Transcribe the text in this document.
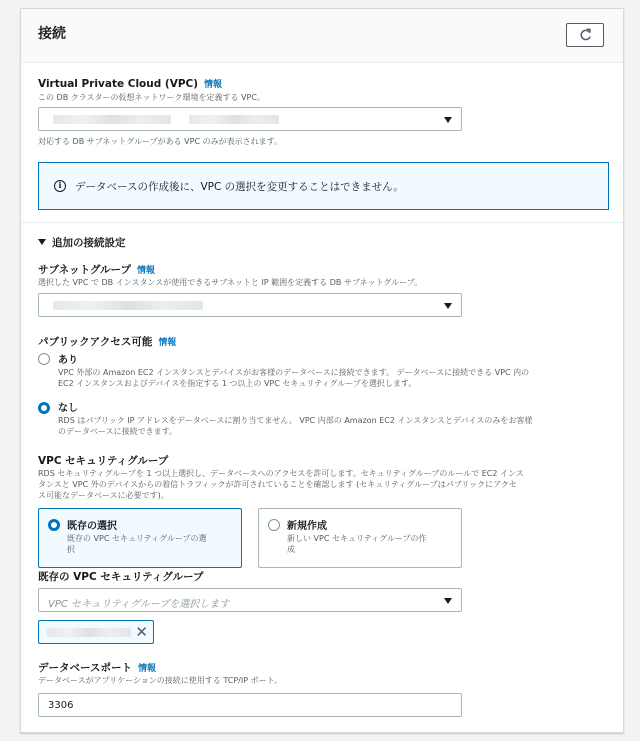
接続
Virtual Private Cloud (VPC) 情報
この DB クラスターの仮想ネットワーク環境を定義する VPC。
対応する DB サブネットグループがある VPC のみが表示されます。
i	データベースの作成後に、VPC の選択を変更することはできません。
追加の接続設定
サブネットグループ 情報
選択した VPC で DB インスタンスが使用できるサブネットと IP 範囲を定義する DB サブネットグループ。
パブリックアクセス可能 情報
あり
VPC 外部の Amazon EC2 インスタンスとデバイスがお客様のデータベースに接続できます。 データベースに接続できる VPC 内の
EC2 インスタンスおよびデバイスを指定する 1 つ以上の VPC セキュリティグループを選択します。
なし
RDS はパブリック IP アドレスをデータベースに割り当てません。 VPC 内部の Amazon EC2 インスタンスとデバイスのみをお客様
のデータベースに接続できます。
VPC セキュリティグループ
RDS セキュリティグループを 1 つ以上選択し、データベースへのアクセスを許可します。セキュリティグループのルールで EC2 インス
タンスと VPC 外のデバイスからの着信トラフィックが許可されていることを確認します (セキュリティグループはパブリックにアクセ
ス可能なデータベースに必要です)。
既存の選択
既存の VPC セキュリティグループの選
択
新規作成
新しい VPC セキュリティグループの作
成
既存の VPC セキュリティグループ
VPC セキュリティグループを選択します
✕
データベースポート 情報
データベースがアプリケーションの接続に使用する TCP/IP ポート。
3306
